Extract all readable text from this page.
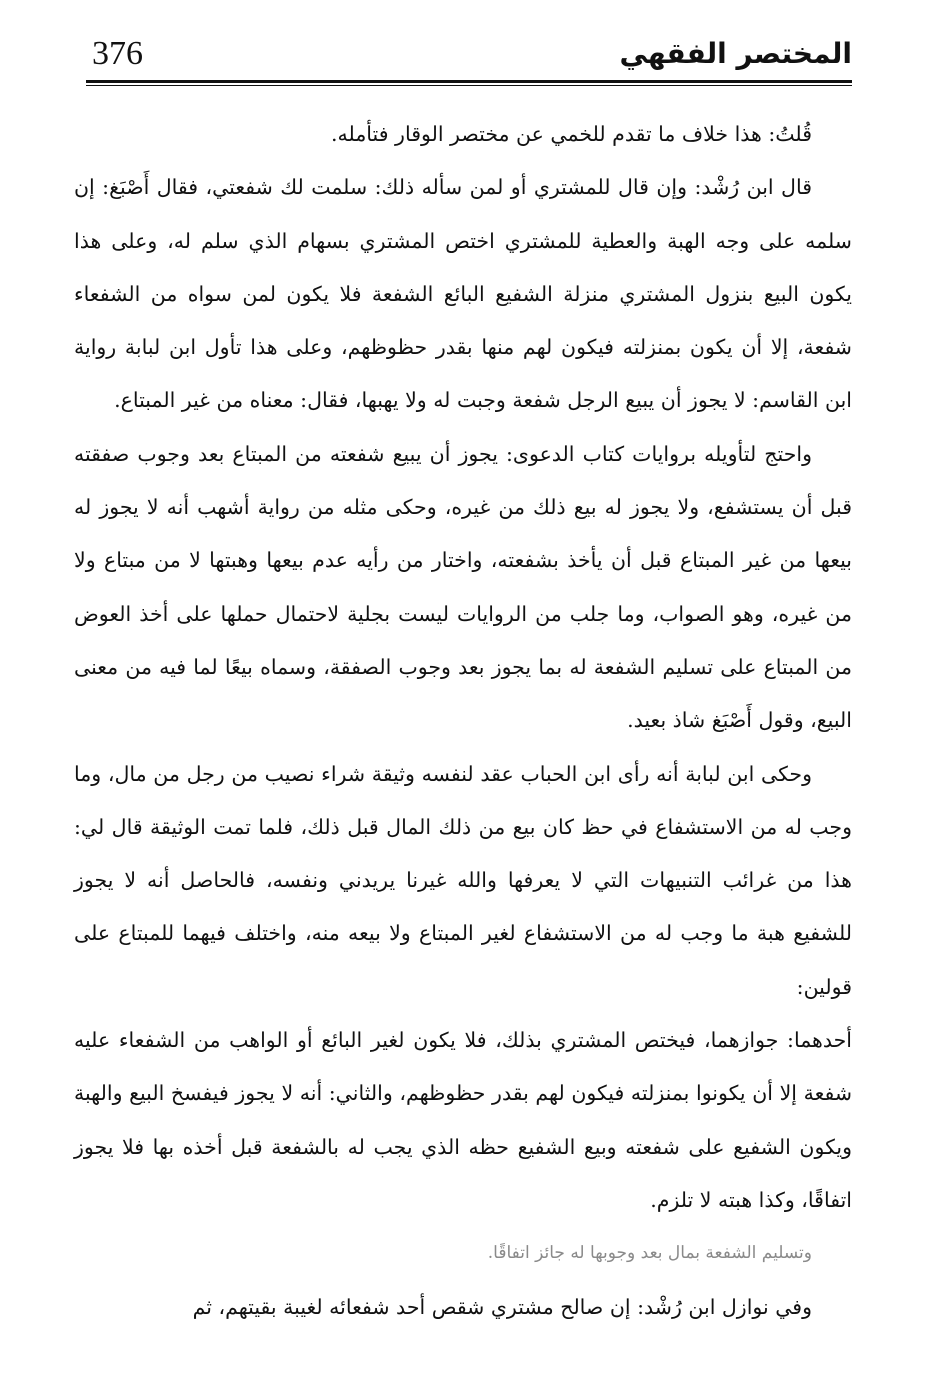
376	المختصر الفقهي

قُلتُ: هذا خلاف ما تقدم للخمي عن مختصر الوقار فتأمله.

قال ابن رُشْد: وإن قال للمشتري أو لمن سأله ذلك: سلمت لك شفعتي، فقال أَصْبَغ: إن سلمه على وجه الهبة والعطية للمشتري اختص المشتري بسهام الذي سلم له، وعلى هذا يكون البيع بنزول المشتري منزلة الشفيع البائع الشفعة فلا يكون لمن سواه من الشفعاء شفعة، إلا أن يكون بمنزلته فيكون لهم منها بقدر حظوظهم، وعلى هذا تأول ابن لبابة رواية ابن القاسم: لا يجوز أن يبيع الرجل شفعة وجبت له ولا يهبها، فقال: معناه من غير المبتاع.

واحتج لتأويله بروايات كتاب الدعوى: يجوز أن يبيع شفعته من المبتاع بعد وجوب صفقته قبل أن يستشفع، ولا يجوز له بيع ذلك من غيره، وحكى مثله من رواية أشهب أنه لا يجوز له بيعها من غير المبتاع قبل أن يأخذ بشفعته، واختار من رأيه عدم بيعها وهبتها لا من مبتاع ولا من غيره، وهو الصواب، وما جلب من الروايات ليست بجلية لاحتمال حملها على أخذ العوض من المبتاع على تسليم الشفعة له بما يجوز بعد وجوب الصفقة، وسماه بيعًا لما فيه من معنى البيع، وقول أَصْبَغ شاذ بعيد.

وحكى ابن لبابة أنه رأى ابن الحباب عقد لنفسه وثيقة شراء نصيب من رجل من مال، وما وجب له من الاستشفاع في حظ كان بيع من ذلك المال قبل ذلك، فلما تمت الوثيقة قال لي: هذا من غرائب التنبيهات التي لا يعرفها والله غيرنا يريدني ونفسه، فالحاصل أنه لا يجوز للشفيع هبة ما وجب له من الاستشفاع لغير المبتاع ولا بيعه منه، واختلف فيهما للمبتاع على قولين:

أحدهما: جوازهما، فيختص المشتري بذلك، فلا يكون لغير البائع أو الواهب من الشفعاء عليه شفعة إلا أن يكونوا بمنزلته فيكون لهم بقدر حظوظهم، والثاني: أنه لا يجوز فيفسخ البيع والهبة ويكون الشفيع على شفعته وبيع الشفيع حظه الذي يجب له بالشفعة قبل أخذه بها فلا يجوز اتفاقًا، وكذا هبته لا تلزم.

وتسليم الشفعة بمال بعد وجوبها له جائز اتفاقًا.

وفي نوازل ابن رُشْد: إن صالح مشتري شقص أحد شفعائه لغيبة بقيتهم، ثم
